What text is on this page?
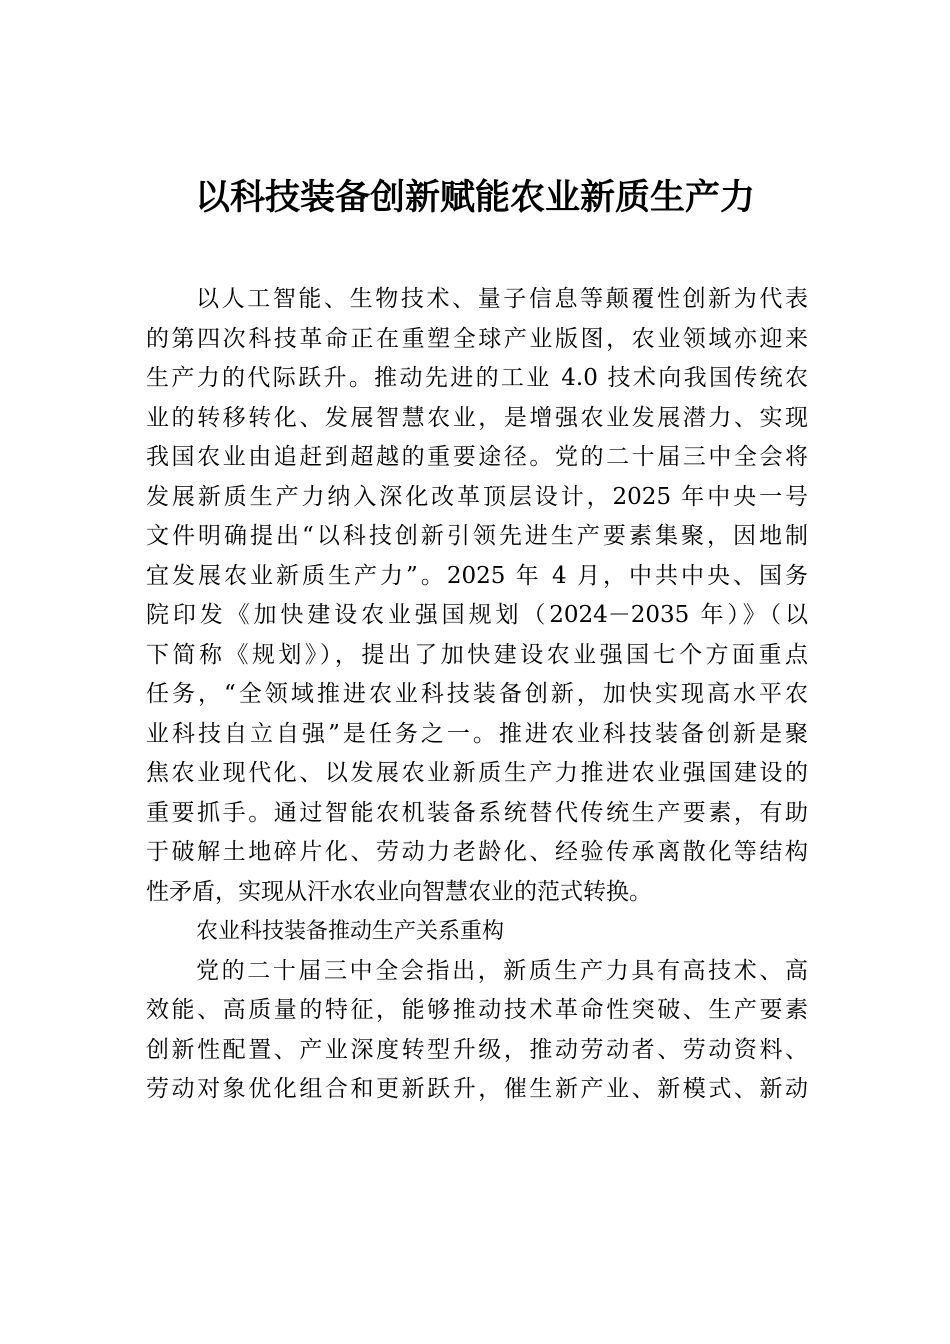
以科技装备创新赋能农业新质生产力
以人工智能、生物技术、量子信息等颠覆性创新为代表
的第四次科技革命正在重塑全球产业版图，农业领域亦迎来
生产力的代际跃升。推动先进的工业 4.0 技术向我国传统农
业的转移转化、发展智慧农业，是增强农业发展潜力、实现
我国农业由追赶到超越的重要途径。党的二十届三中全会将
发展新质生产力纳入深化改革顶层设计，2025 年中央一号
文件明确提出“以科技创新引领先进生产要素集聚，因地制
宜发展农业新质生产力”。2025 年 4 月，中共中央、国务
院印发《加快建设农业强国规划（2024－2035 年）》（以
下简称《规划》），提出了加快建设农业强国七个方面重点
任务，“全领域推进农业科技装备创新，加快实现高水平农
业科技自立自强”是任务之一。推进农业科技装备创新是聚
焦农业现代化、以发展农业新质生产力推进农业强国建设的
重要抓手。通过智能农机装备系统替代传统生产要素，有助
于破解土地碎片化、劳动力老龄化、经验传承离散化等结构
性矛盾，实现从汗水农业向智慧农业的范式转换。
农业科技装备推动生产关系重构
党的二十届三中全会指出，新质生产力具有高技术、高
效能、高质量的特征，能够推动技术革命性突破、生产要素
创新性配置、产业深度转型升级，推动劳动者、劳动资料、
劳动对象优化组合和更新跃升，催生新产业、新模式、新动
